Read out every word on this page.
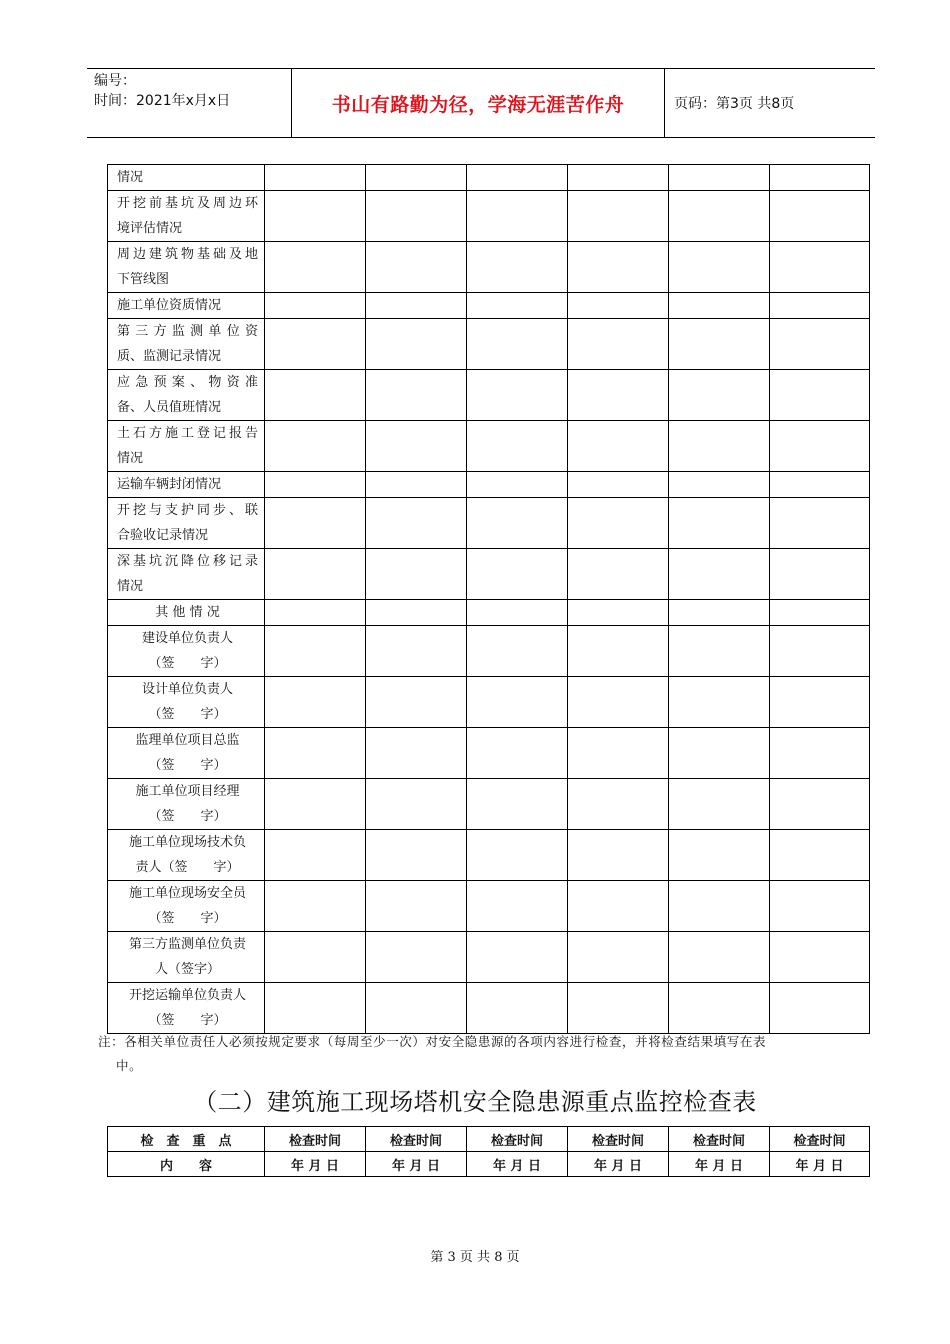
编号：
时间：2021年x月x日	书山有路勤为径，学海无涯苦作舟	页码：第3页 共8页
情况						

开挖前基坑及周边环
境评估情况						

周边建筑物基础及地
下管线图						

施工单位资质情况						

第三方监测单位资
质、监测记录情况						

应急预案、物资准
备、人员值班情况						

土石方施工登记报告
情况						

运输车辆封闭情况						

开挖与支护同步、联
合验收记录情况						

深基坑沉降位移记录
情况						

其 他 情 况						

建设单位负责人
（签　　字）						

设计单位负责人
（签　　字）						

监理单位项目总监
（签　　字）						

施工单位项目经理
（签　　字）						

施工单位现场技术负
责人（签　　字）						

施工单位现场安全员
（签　　字）						

第三方监测单位负责
人（签字）						

开挖运输单位负责人
（签　　字）						

注：各相关单位责任人必须按规定要求（每周至少一次）对安全隐患源的各项内容进行检查，并将检查结果填写在表
中。
（二）建筑施工现场塔机安全隐患源重点监控检查表
检　查　重　点	检查时间	检查时间	检查时间	检查时间	检查时间	检查时间
内　　容	年 月 日	年 月 日	年 月 日	年 月 日	年 月 日	年 月 日
第 3 页 共 8 页
